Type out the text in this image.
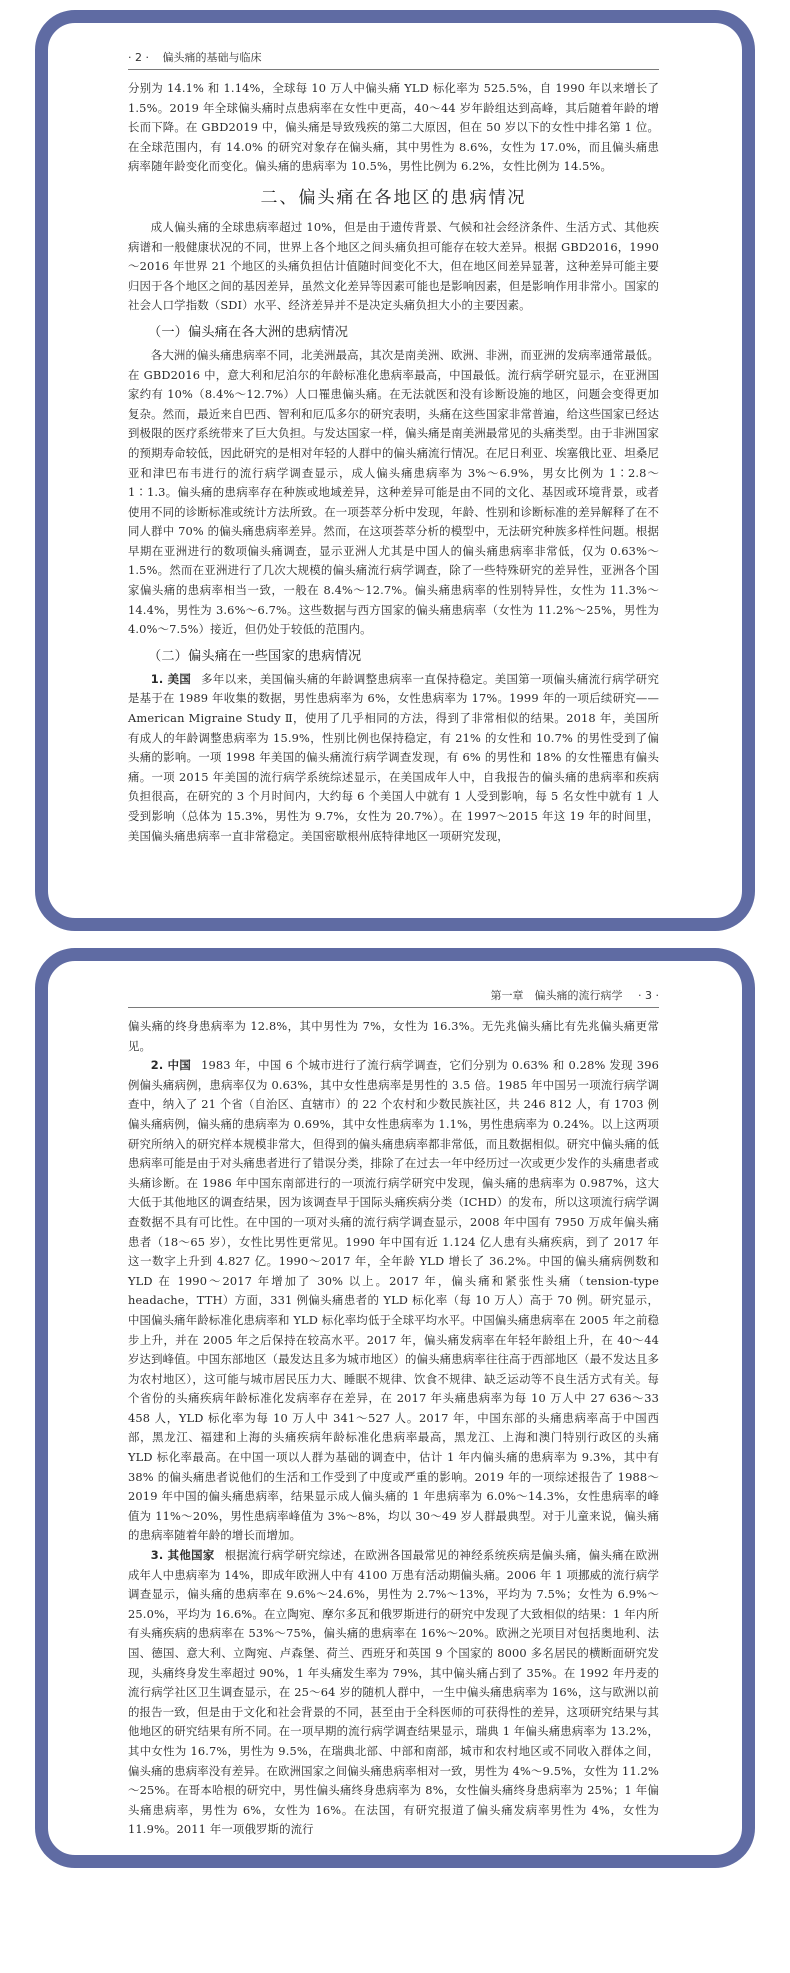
· 2 · 偏头痛的基础与临床

分别为 14.1% 和 1.14%，全球每 10 万人中偏头痛 YLD 标化率为 525.5%，自 1990 年以来增长了 1.5%。2019 年全球偏头痛时点患病率在女性中更高，40～44 岁年龄组达到高峰，其后随着年龄的增长而下降。在 GBD2019 中，偏头痛是导致残疾的第二大原因，但在 50 岁以下的女性中排名第 1 位。在全球范围内，有 14.0% 的研究对象存在偏头痛，其中男性为 8.6%，女性为 17.0%，而且偏头痛患病率随年龄变化而变化。偏头痛的患病率为 10.5%，男性比例为 6.2%，女性比例为 14.5%。

二、偏头痛在各地区的患病情况

成人偏头痛的全球患病率超过 10%，但是由于遗传背景、气候和社会经济条件、生活方式、其他疾病谱和一般健康状况的不同，世界上各个地区之间头痛负担可能存在较大差异。根据 GBD2016，1990～2016 年世界 21 个地区的头痛负担估计值随时间变化不大，但在地区间差异显著，这种差异可能主要归因于各个地区之间的基因差异，虽然文化差异等因素可能也是影响因素，但是影响作用非常小。国家的社会人口学指数（SDI）水平、经济差异并不是决定头痛负担大小的主要因素。

（一）偏头痛在各大洲的患病情况

各大洲的偏头痛患病率不同，北美洲最高，其次是南美洲、欧洲、非洲，而亚洲的发病率通常最低。在 GBD2016 中，意大利和尼泊尔的年龄标准化患病率最高，中国最低。流行病学研究显示，在亚洲国家约有 10%（8.4%～12.7%）人口罹患偏头痛。在无法就医和没有诊断设施的地区，问题会变得更加复杂。然而，最近来自巴西、智利和厄瓜多尔的研究表明，头痛在这些国家非常普遍，给这些国家已经达到极限的医疗系统带来了巨大负担。与发达国家一样，偏头痛是南美洲最常见的头痛类型。由于非洲国家的预期寿命较低，因此研究的是相对年轻的人群中的偏头痛流行情况。在尼日利亚、埃塞俄比亚、坦桑尼亚和津巴布韦进行的流行病学调查显示，成人偏头痛患病率为 3%～6.9%，男女比例为 1∶2.8～1∶1.3。偏头痛的患病率存在种族或地域差异，这种差异可能是由不同的文化、基因或环境背景，或者使用不同的诊断标准或统计方法所致。在一项荟萃分析中发现，年龄、性别和诊断标准的差异解释了在不同人群中 70% 的偏头痛患病率差异。然而，在这项荟萃分析的模型中，无法研究种族多样性问题。根据早期在亚洲进行的数项偏头痛调查，显示亚洲人尤其是中国人的偏头痛患病率非常低，仅为 0.63%～1.5%。然而在亚洲进行了几次大规模的偏头痛流行病学调查，除了一些特殊研究的差异性，亚洲各个国家偏头痛的患病率相当一致，一般在 8.4%～12.7%。偏头痛患病率的性别特异性，女性为 11.3%～14.4%，男性为 3.6%～6.7%。这些数据与西方国家的偏头痛患病率（女性为 11.2%～25%，男性为 4.0%～7.5%）接近，但仍处于较低的范围内。

（二）偏头痛在一些国家的患病情况

1. 美国 多年以来，美国偏头痛的年龄调整患病率一直保持稳定。美国第一项偏头痛流行病学研究是基于在 1989 年收集的数据，男性患病率为 6%，女性患病率为 17%。1999 年的一项后续研究——American Migraine Study Ⅱ，使用了几乎相同的方法，得到了非常相似的结果。2018 年，美国所有成人的年龄调整患病率为 15.9%，性别比例也保持稳定，有 21% 的女性和 10.7% 的男性受到了偏头痛的影响。一项 1998 年美国的偏头痛流行病学调查发现，有 6% 的男性和 18% 的女性罹患有偏头痛。一项 2015 年美国的流行病学系统综述显示，在美国成年人中，自我报告的偏头痛的患病率和疾病负担很高，在研究的 3 个月时间内，大约每 6 个美国人中就有 1 人受到影响，每 5 名女性中就有 1 人受到影响（总体为 15.3%，男性为 9.7%，女性为 20.7%）。在 1997～2015 年这 19 年的时间里，美国偏头痛患病率一直非常稳定。美国密歇根州底特律地区一项研究发现，

第一章　偏头痛的流行病学 · 3 ·

偏头痛的终身患病率为 12.8%，其中男性为 7%，女性为 16.3%。无先兆偏头痛比有先兆偏头痛更常见。

2. 中国 1983 年，中国 6 个城市进行了流行病学调查，它们分别为 0.63% 和 0.28% 发现 396 例偏头痛病例，患病率仅为 0.63%，其中女性患病率是男性的 3.5 倍。1985 年中国另一项流行病学调查中，纳入了 21 个省（自治区、直辖市）的 22 个农村和少数民族社区，共 246 812 人，有 1703 例偏头痛病例，偏头痛的患病率为 0.69%，其中女性患病率为 1.1%，男性患病率为 0.24%。以上这两项研究所纳入的研究样本规模非常大，但得到的偏头痛患病率都非常低，而且数据相似。研究中偏头痛的低患病率可能是由于对头痛患者进行了错误分类，排除了在过去一年中经历过一次或更少发作的头痛患者或头痛诊断。在 1986 年中国东南部进行的一项流行病学研究中发现，偏头痛的患病率为 0.987%，这大大低于其他地区的调查结果，因为该调查早于国际头痛疾病分类（ICHD）的发布，所以这项流行病学调查数据不具有可比性。在中国的一项对头痛的流行病学调查显示，2008 年中国有 7950 万成年偏头痛患者（18～65 岁），女性比男性更常见。1990 年中国有近 1.124 亿人患有头痛疾病，到了 2017 年这一数字上升到 4.827 亿。1990～2017 年，全年龄 YLD 增长了 36.2%。中国的偏头痛病例数和 YLD 在 1990～2017 年增加了 30% 以上。2017 年，偏头痛和紧张性头痛（tension-type headache，TTH）方面，331 例偏头痛患者的 YLD 标化率（每 10 万人）高于 70 例。研究显示，中国偏头痛年龄标准化患病率和 YLD 标化率均低于全球平均水平。中国偏头痛患病率在 2005 年之前稳步上升，并在 2005 年之后保持在较高水平。2017 年，偏头痛发病率在年轻年龄组上升，在 40～44 岁达到峰值。中国东部地区（最发达且多为城市地区）的偏头痛患病率往往高于西部地区（最不发达且多为农村地区），这可能与城市居民压力大、睡眠不规律、饮食不规律、缺乏运动等不良生活方式有关。每个省份的头痛疾病年龄标准化发病率存在差异，在 2017 年头痛患病率为每 10 万人中 27 636～33 458 人，YLD 标化率为每 10 万人中 341～527 人。2017 年，中国东部的头痛患病率高于中国西部，黑龙江、福建和上海的头痛疾病年龄标准化患病率最高，黑龙江、上海和澳门特别行政区的头痛 YLD 标化率最高。在中国一项以人群为基础的调查中，估计 1 年内偏头痛的患病率为 9.3%，其中有 38% 的偏头痛患者说他们的生活和工作受到了中度或严重的影响。2019 年的一项综述报告了 1988～2019 年中国的偏头痛患病率，结果显示成人偏头痛的 1 年患病率为 6.0%～14.3%，女性患病率的峰值为 11%～20%，男性患病率峰值为 3%～8%，均以 30～49 岁人群最典型。对于儿童来说，偏头痛的患病率随着年龄的增长而增加。

3. 其他国家 根据流行病学研究综述，在欧洲各国最常见的神经系统疾病是偏头痛，偏头痛在欧洲成年人中患病率为 14%，即成年欧洲人中有 4100 万患有活动期偏头痛。2006 年 1 项挪威的流行病学调查显示，偏头痛的患病率在 9.6%～24.6%，男性为 2.7%～13%，平均为 7.5%；女性为 6.9%～25.0%，平均为 16.6%。在立陶宛、摩尔多瓦和俄罗斯进行的研究中发现了大致相似的结果：1 年内所有头痛疾病的患病率在 53%～75%，偏头痛的患病率在 16%～20%。欧洲之光项目对包括奥地利、法国、德国、意大利、立陶宛、卢森堡、荷兰、西班牙和英国 9 个国家的 8000 多名居民的横断面研究发现，头痛终身发生率超过 90%，1 年头痛发生率为 79%，其中偏头痛占到了 35%。在 1992 年丹麦的流行病学社区卫生调查显示，在 25～64 岁的随机人群中，一生中偏头痛患病率为 16%，这与欧洲以前的报告一致，但是由于文化和社会背景的不同，甚至由于全科医师的可获得性的差异，这项研究结果与其他地区的研究结果有所不同。在一项早期的流行病学调查结果显示，瑞典 1 年偏头痛患病率为 13.2%，其中女性为 16.7%，男性为 9.5%，在瑞典北部、中部和南部，城市和农村地区或不同收入群体之间，偏头痛的患病率没有差异。在欧洲国家之间偏头痛患病率相对一致，男性为 4%～9.5%，女性为 11.2%～25%。在哥本哈根的研究中，男性偏头痛终身患病率为 8%，女性偏头痛终身患病率为 25%；1 年偏头痛患病率，男性为 6%，女性为 16%。在法国，有研究报道了偏头痛发病率男性为 4%，女性为 11.9%。2011 年一项俄罗斯的流行
